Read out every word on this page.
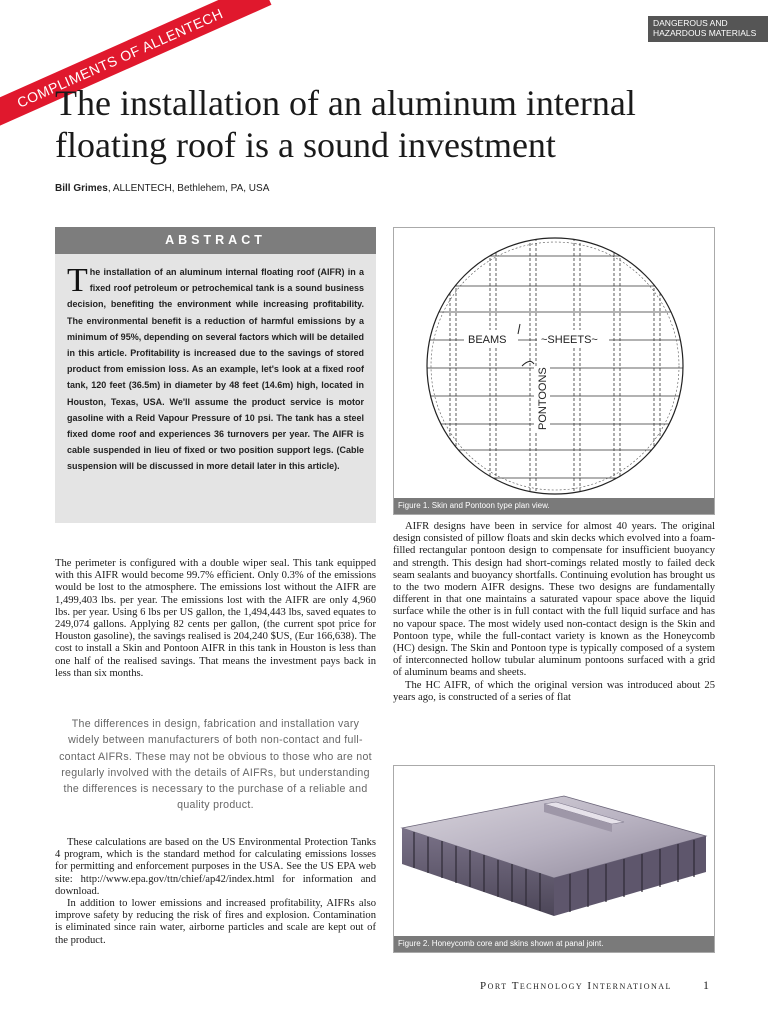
COMPLIMENTS OF ALLENTECH	DANGEROUS AND
HAZARDOUS MATERIALS
The installation of an aluminum internal floating roof is a sound investment
Bill Grimes, ALLENTECH, Bethlehem, PA, USA
ABSTRACT
The installation of an aluminum internal floating roof (AIFR) in a fixed roof petroleum or petrochemical tank is a sound business decision, benefiting the environment while increasing profitability. The environmental benefit is a reduction of harmful emissions by a minimum of 95%, depending on several factors which will be detailed in this article. Profitability is increased due to the savings of stored product from emission loss. As an example, let's look at a fixed roof tank, 120 feet (36.5m) in diameter by 48 feet (14.6m) high, located in Houston, Texas, USA. We'll assume the product service is motor gasoline with a Reid Vapour Pressure of 10 psi. The tank has a steel fixed dome roof and experiences 36 turnovers per year. The AIFR is cable suspended in lieu of fixed or two position support legs. (Cable suspension will be discussed in more detail later in this article).

The perimeter is configured with a double wiper seal. This tank equipped with this AIFR would become 99.7% efficient. Only 0.3% of the emissions would be lost to the atmosphere. The emissions lost without the AIFR are 1,499,403 lbs. per year. The emissions lost with the AIFR are only 4,960 lbs. per year. Using 6 lbs per US gallon, the 1,494,443 lbs, saved equates to 249,074 gallons. Applying 82 cents per gallon, (the current spot price for Houston gasoline), the savings realised is 204,240 $US, (Eur 166,638). The cost to install a Skin and Pontoon AIFR in this tank in Houston is less than one half of the realised savings. That means the investment pays back in less than six months.

The differences in design, fabrication and installation vary widely between manufacturers of both non-contact and full-contact AIFRs. These may not be obvious to those who are not regularly involved with the details of AIFRs, but understanding the differences is necessary to the purchase of a reliable and quality product.

These calculations are based on the US Environmental Protection Tanks 4 program, which is the standard method for calculating emissions losses for permitting and enforcement purposes in the USA. See the US EPA web site: http://www.epa.gov/ttn/chief/ap42/index.html for information and download.

In addition to lower emissions and increased profitability, AIFRs also improve safety by reducing the risk of fires and explosion. Contamination is eliminated since rain water, airborne particles and scale are kept out of the product.

BEAMS	~SHEETS~
PONTOONS
Figure 1. Skin and Pontoon type plan view.

AIFR designs have been in service for almost 40 years. The original design consisted of pillow floats and skin decks which evolved into a foam-filled rectangular pontoon design to compensate for insufficient buoyancy and strength. This design had short-comings related mostly to failed deck seam sealants and buoyancy shortfalls. Continuing evolution has brought us to the two modern AIFR designs. These two designs are fundamentally different in that one maintains a saturated vapour space above the liquid surface while the other is in full contact with the full liquid surface and has no vapour space. The most widely used non-contact design is the Skin and Pontoon type, while the full-contact variety is known as the Honeycomb (HC) design. The Skin and Pontoon type is typically composed of a system of interconnected hollow tubular aluminum pontoons surfaced with a grid of aluminum beams and sheets.

The HC AIFR, of which the original version was introduced about 25 years ago, is constructed of a series of flat

Figure 2. Honeycomb core and skins shown at panal joint.
Port Technology International	1
